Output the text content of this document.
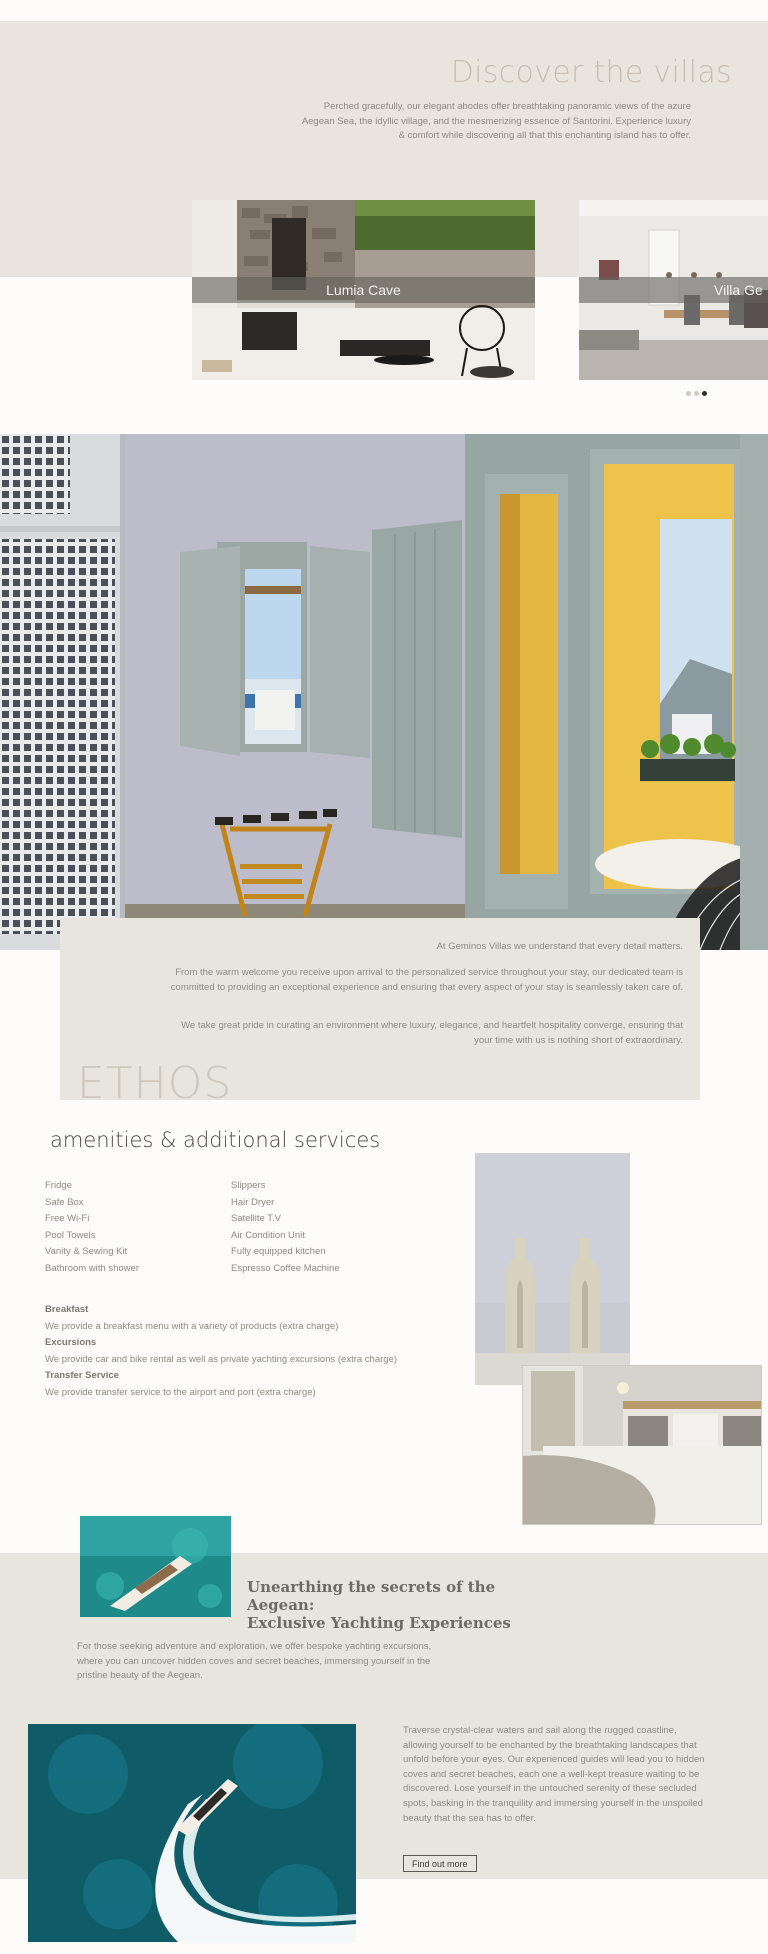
Discover the villas

Perched gracefully, our elegant abodes offer breathtaking panoramic views of the azure Aegean Sea, the idyllic village, and the mesmerizing essence of Santorini. Experience luxury & comfort while discovering all that this enchanting island has to offer.

Lumia Cave	Villa Ge

At Geminos Villas we understand that every detail matters.

From the warm welcome you receive upon arrival to the personalized service throughout your stay, our dedicated team is committed to providing an exceptional experience and ensuring that every aspect of your stay is seamlessly taken care of.

We take great pride in curating an environment where luxury, elegance, and heartfelt hospitality converge, ensuring that your time with us is nothing short of extraordinary.

ETHOS
amenities & additional services
Fridge
Safe Box
Free Wi-Fi
Pool Towels
Vanity & Sewing Kit
Bathroom with shower
Slippers
Hair Dryer
Satellite T.V
Air Condition Unit
Fully equipped kitchen
Espresso Coffee Machine
Breakfast
We provide a breakfast menu with a variety of products (extra charge)
Excursions
We provide car and bike rental as well as private yachting excursions (extra charge)
Transfer Service
We provide transfer service to the airport and port (extra charge)
Unearthing the secrets of the Aegean:
Exclusive Yachting Experiences

For those seeking adventure and exploration, we offer bespoke yachting excursions, where you can uncover hidden coves and secret beaches, immersing yourself in the pristine beauty of the Aegean.

Traverse crystal-clear waters and sail along the rugged coastline, allowing yourself to be enchanted by the breathtaking landscapes that unfold before your eyes. Our experienced guides will lead you to hidden coves and secret beaches, each one a well-kept treasure waiting to be discovered. Lose yourself in the untouched serenity of these secluded spots, basking in the tranquility and immersing yourself in the unspoiled beauty that the sea has to offer.

Find out more
